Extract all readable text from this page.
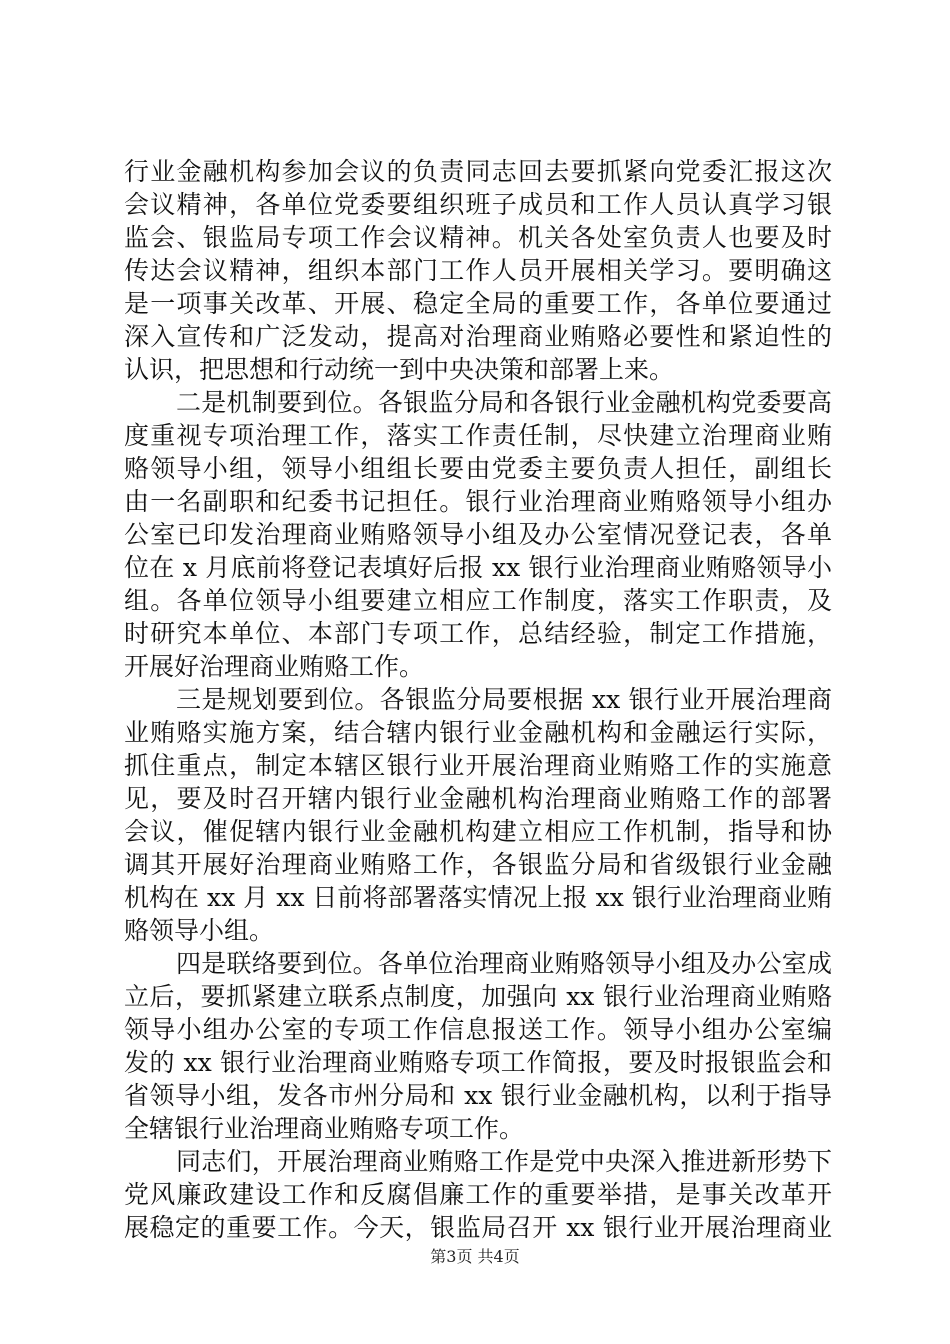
行业金融机构参加会议的负责同志回去要抓紧向党委汇报这次
会议精神，各单位党委要组织班子成员和工作人员认真学习银
监会、银监局专项工作会议精神。机关各处室负责人也要及时
传达会议精神，组织本部门工作人员开展相关学习。要明确这
是一项事关改革、开展、稳定全局的重要工作，各单位要通过
深入宣传和广泛发动，提高对治理商业贿赂必要性和紧迫性的
认识，把思想和行动统一到中央决策和部署上来。
二是机制要到位。各银监分局和各银行业金融机构党委要高
度重视专项治理工作，落实工作责任制，尽快建立治理商业贿
赂领导小组，领导小组组长要由党委主要负责人担任，副组长
由一名副职和纪委书记担任。银行业治理商业贿赂领导小组办
公室已印发治理商业贿赂领导小组及办公室情况登记表，各单
位在 x 月底前将登记表填好后报 xx 银行业治理商业贿赂领导小
组。各单位领导小组要建立相应工作制度，落实工作职责，及
时研究本单位、本部门专项工作，总结经验，制定工作措施，
开展好治理商业贿赂工作。
三是规划要到位。各银监分局要根据 xx 银行业开展治理商
业贿赂实施方案，结合辖内银行业金融机构和金融运行实际，
抓住重点，制定本辖区银行业开展治理商业贿赂工作的实施意
见，要及时召开辖内银行业金融机构治理商业贿赂工作的部署
会议，催促辖内银行业金融机构建立相应工作机制，指导和协
调其开展好治理商业贿赂工作，各银监分局和省级银行业金融
机构在 xx 月 xx 日前将部署落实情况上报 xx 银行业治理商业贿
赂领导小组。
四是联络要到位。各单位治理商业贿赂领导小组及办公室成
立后，要抓紧建立联系点制度，加强向 xx 银行业治理商业贿赂
领导小组办公室的专项工作信息报送工作。领导小组办公室编
发的 xx 银行业治理商业贿赂专项工作简报，要及时报银监会和
省领导小组，发各市州分局和 xx 银行业金融机构，以利于指导
全辖银行业治理商业贿赂专项工作。
同志们，开展治理商业贿赂工作是党中央深入推进新形势下
党风廉政建设工作和反腐倡廉工作的重要举措，是事关改革开
展稳定的重要工作。今天，银监局召开 xx 银行业开展治理商业
第3页 共4页
